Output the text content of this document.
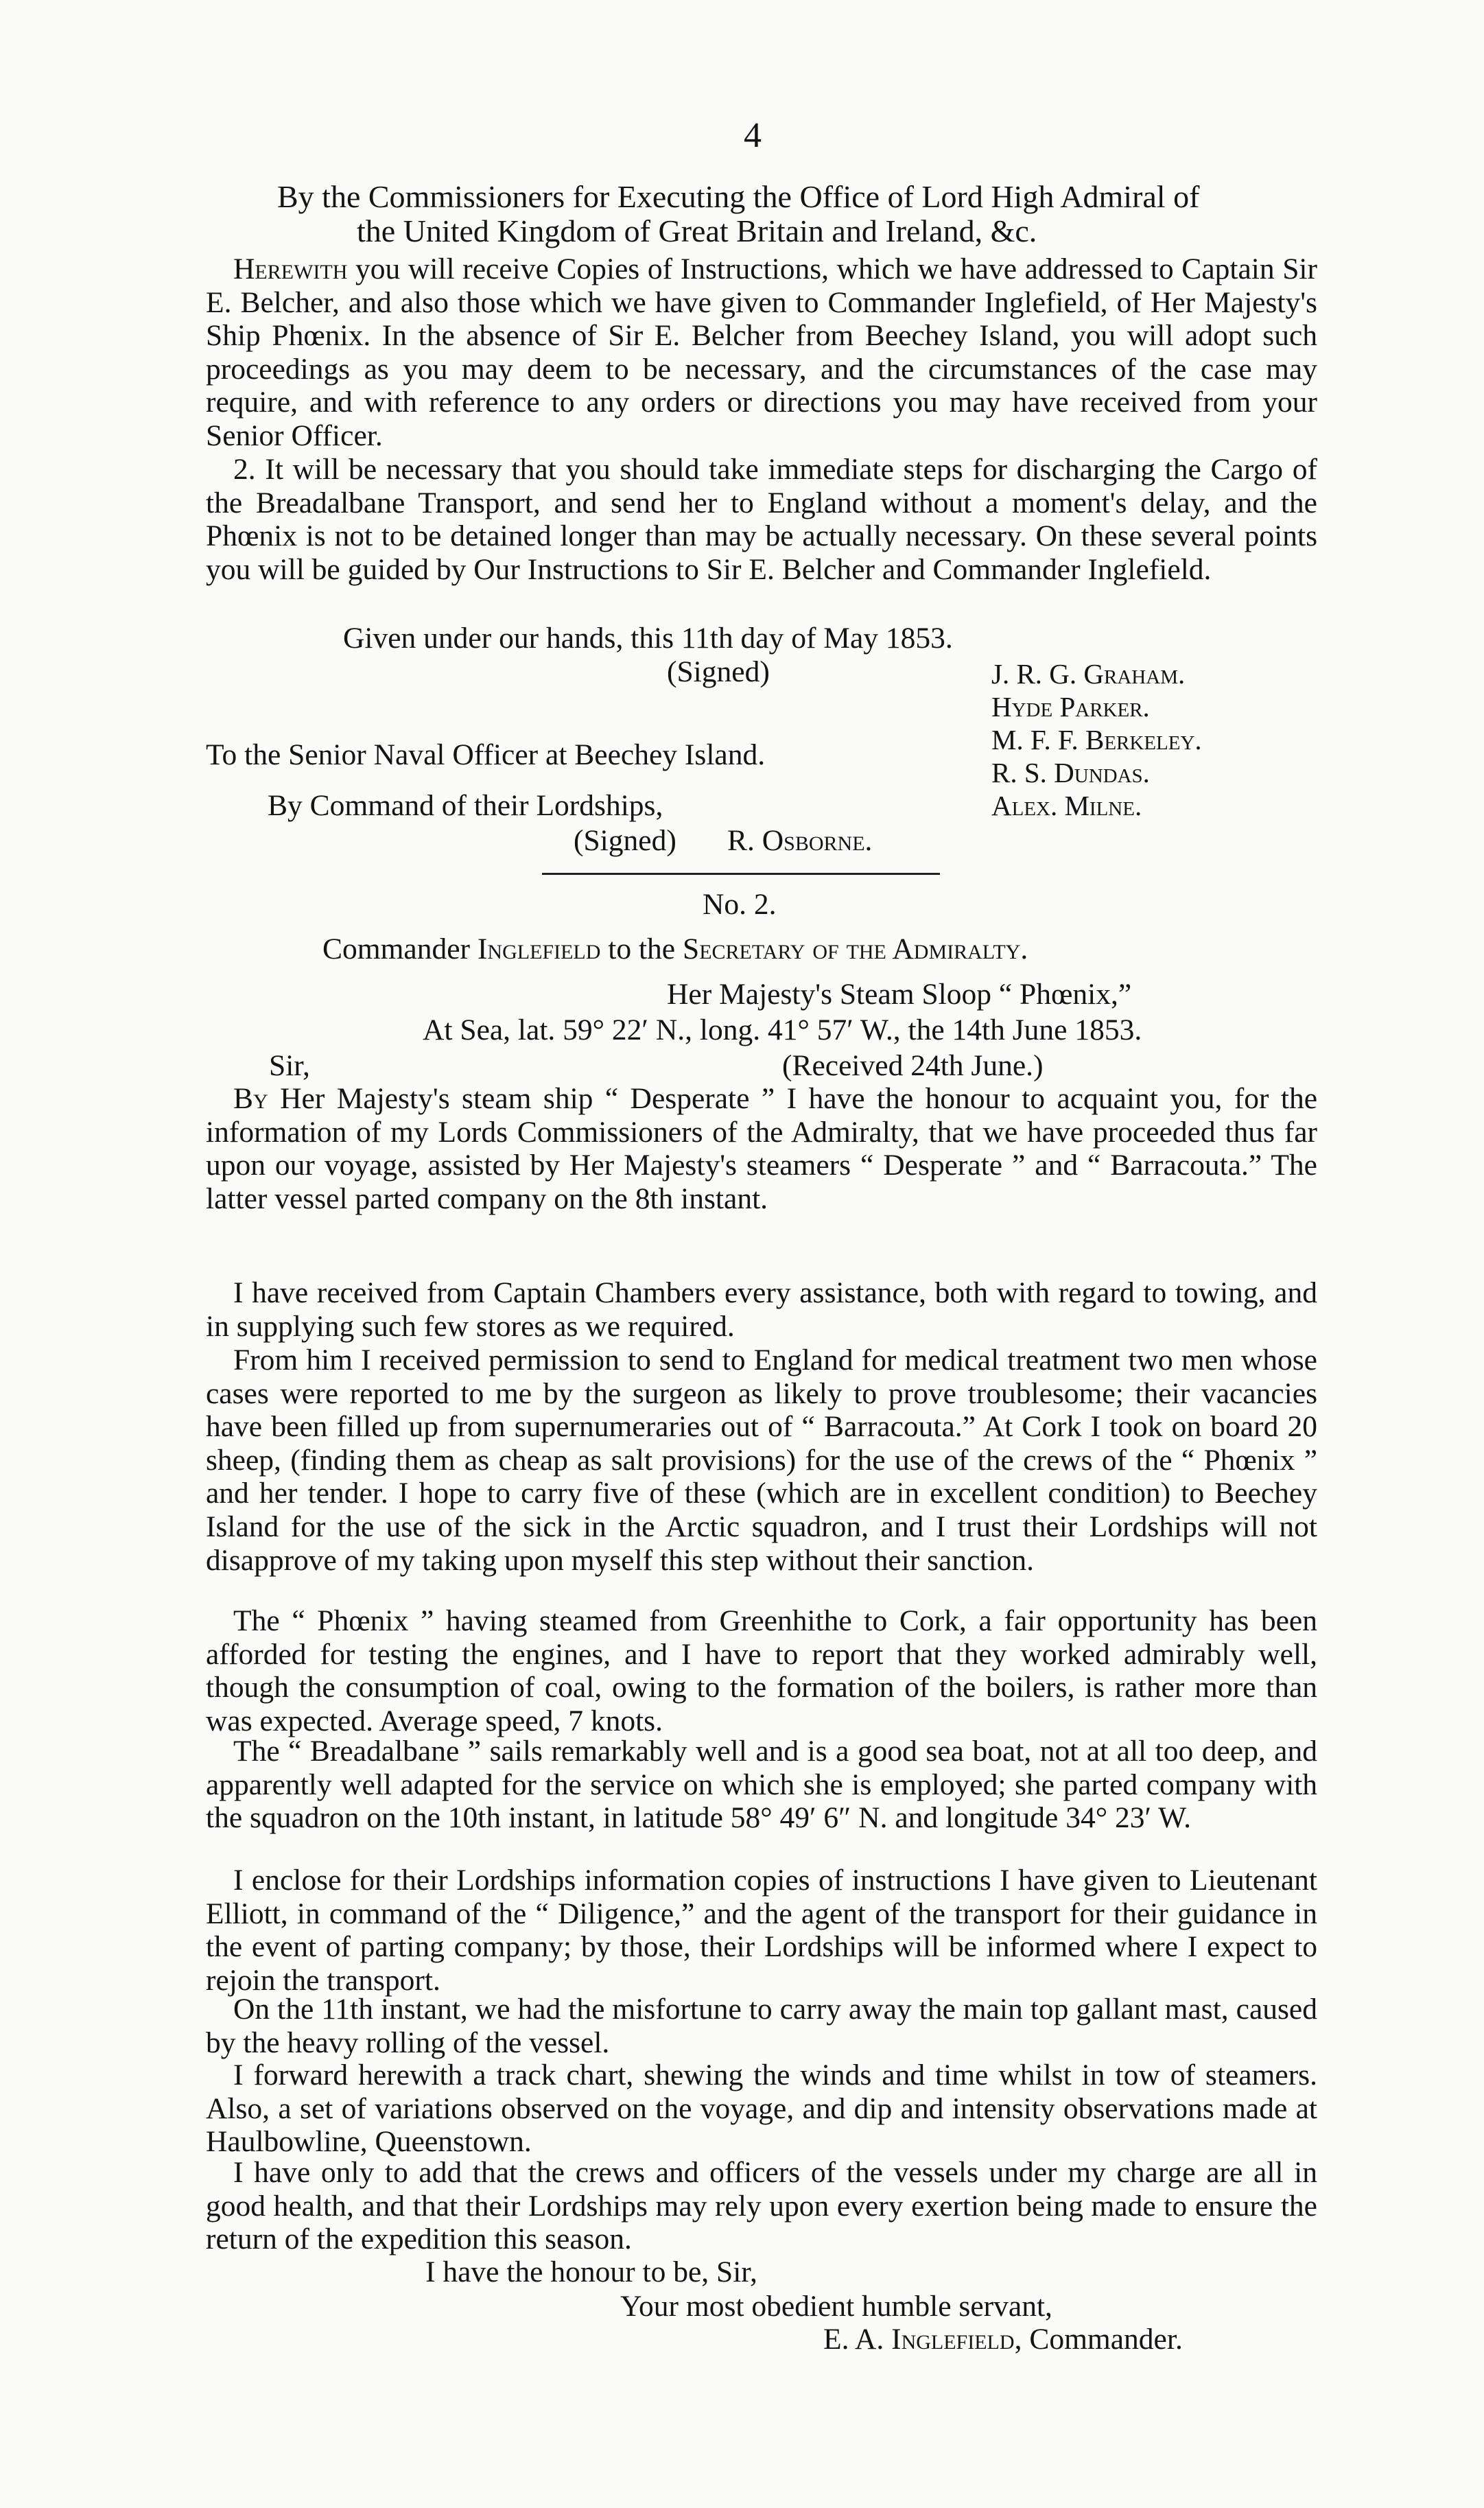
4
By the Commissioners for Executing the Office of Lord High Admiral of
the United Kingdom of Great Britain and Ireland, &c.
Herewith you will receive Copies of Instructions, which we have addressed to Captain Sir E. Belcher, and also those which we have given to Commander Inglefield, of Her Majesty's Ship Phœnix. In the absence of Sir E. Belcher from Beechey Island, you will adopt such proceedings as you may deem to be necessary, and the circumstances of the case may require, and with reference to any orders or directions you may have received from your Senior Officer.
2. It will be necessary that you should take immediate steps for discharging the Cargo of the Breadalbane Transport, and send her to England without a moment's delay, and the Phœnix is not to be detained longer than may be actually necessary. On these several points you will be guided by Our Instructions to Sir E. Belcher and Commander Inglefield.
Given under our hands, this 11th day of May 1853.
(Signed)	J. R. G. Graham.
Hyde Parker.
M. F. F. Berkeley.
R. S. Dundas.
Alex. Milne.
To the Senior Naval Officer at Beechey Island.
By Command of their Lordships,
(Signed) R. Osborne.
No. 2.
Commander Inglefield to the Secretary of the Admiralty.
Her Majesty's Steam Sloop “ Phœnix,”
At Sea, lat. 59° 22′ N., long. 41° 57′ W., the 14th June 1853.
Sir,	(Received 24th June.)
By Her Majesty's steam ship “ Desperate ” I have the honour to acquaint you, for the information of my Lords Commissioners of the Admiralty, that we have proceeded thus far upon our voyage, assisted by Her Majesty's steamers “ Desperate ” and “ Barracouta.” The latter vessel parted company on the 8th instant.
I have received from Captain Chambers every assistance, both with regard to towing, and in supplying such few stores as we required.
From him I received permission to send to England for medical treatment two men whose cases were reported to me by the surgeon as likely to prove troublesome; their vacancies have been filled up from supernumeraries out of “ Barracouta.” At Cork I took on board 20 sheep, (finding them as cheap as salt provisions) for the use of the crews of the “ Phœnix ” and her tender. I hope to carry five of these (which are in excellent condition) to Beechey Island for the use of the sick in the Arctic squadron, and I trust their Lordships will not disapprove of my taking upon myself this step without their sanction.
The “ Phœnix ” having steamed from Greenhithe to Cork, a fair opportunity has been afforded for testing the engines, and I have to report that they worked admirably well, though the consumption of coal, owing to the formation of the boilers, is rather more than was expected. Average speed, 7 knots.
The “ Breadalbane ” sails remarkably well and is a good sea boat, not at all too deep, and apparently well adapted for the service on which she is employed; she parted company with the squadron on the 10th instant, in latitude 58° 49′ 6″ N. and longitude 34° 23′ W.
I enclose for their Lordships information copies of instructions I have given to Lieutenant Elliott, in command of the “ Diligence,” and the agent of the transport for their guidance in the event of parting company; by those, their Lordships will be informed where I expect to rejoin the transport.
On the 11th instant, we had the misfortune to carry away the main top gallant mast, caused by the heavy rolling of the vessel.
I forward herewith a track chart, shewing the winds and time whilst in tow of steamers. Also, a set of variations observed on the voyage, and dip and intensity observations made at Haulbowline, Queenstown.
I have only to add that the crews and officers of the vessels under my charge are all in good health, and that their Lordships may rely upon every exertion being made to ensure the return of the expedition this season.
I have the honour to be, Sir,
Your most obedient humble servant,
E. A. Inglefield, Commander.
